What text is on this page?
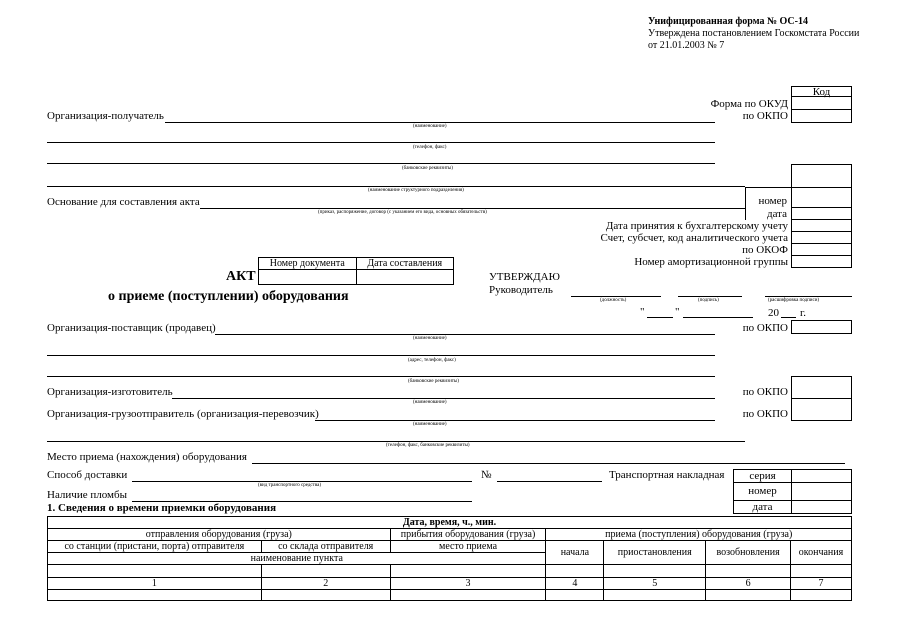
Унифицированная форма № ОС-14
Утверждена постановлением Госкомстата России
от 21.01.2003 № 7
Код
Форма по ОКУД
по ОКПО
Организация-получатель
(наименование)
(телефон, факс)
(банковские реквизиты)
номер
дата
Дата принятия к бухгалтерскому учету
Счет, субсчет, код аналитического учета
по ОКОФ
Номер амортизационной группы
(наименование структурного подразделения)
Основание для составления акта
(приказ, распоряжение, договор (с указанием его вида, основных обязательств)
Номер документа	Дата составления

АКТ
о приеме (поступлении) оборудования
УТВЕРЖДАЮ
Руководитель
(должность)	(подпись)	(расшифровка подписи)
"	"	20 г.
Организация-поставщик (продавец)
(наименование)
по ОКПО
(адрес, телефон, факс)
(банковские реквизиты)
Организация-изготовитель
(наименование)
по ОКПО
Организация-грузоотправитель (организация-перевозчик)
(наименование)
по ОКПО
(телефон, факс, банковские реквизиты)
Место приема (нахождения) оборудования
Способ доставки
(вид транспортного средства)
№	Транспортная накладная	серия
номер
дата
Наличие пломбы
1. Сведения о времени приемки оборудования
Дата, время, ч., мин.						
отправления оборудования (груза)		прибытия оборудования (груза)	приема (поступления) оборудования (груза)			
со станции (пристани, порта) отправителя	со склада отправителя	место приема	начала	приостановления	возобновления	окончания
наименование пункта						

1	2	3	4	5	6	7
